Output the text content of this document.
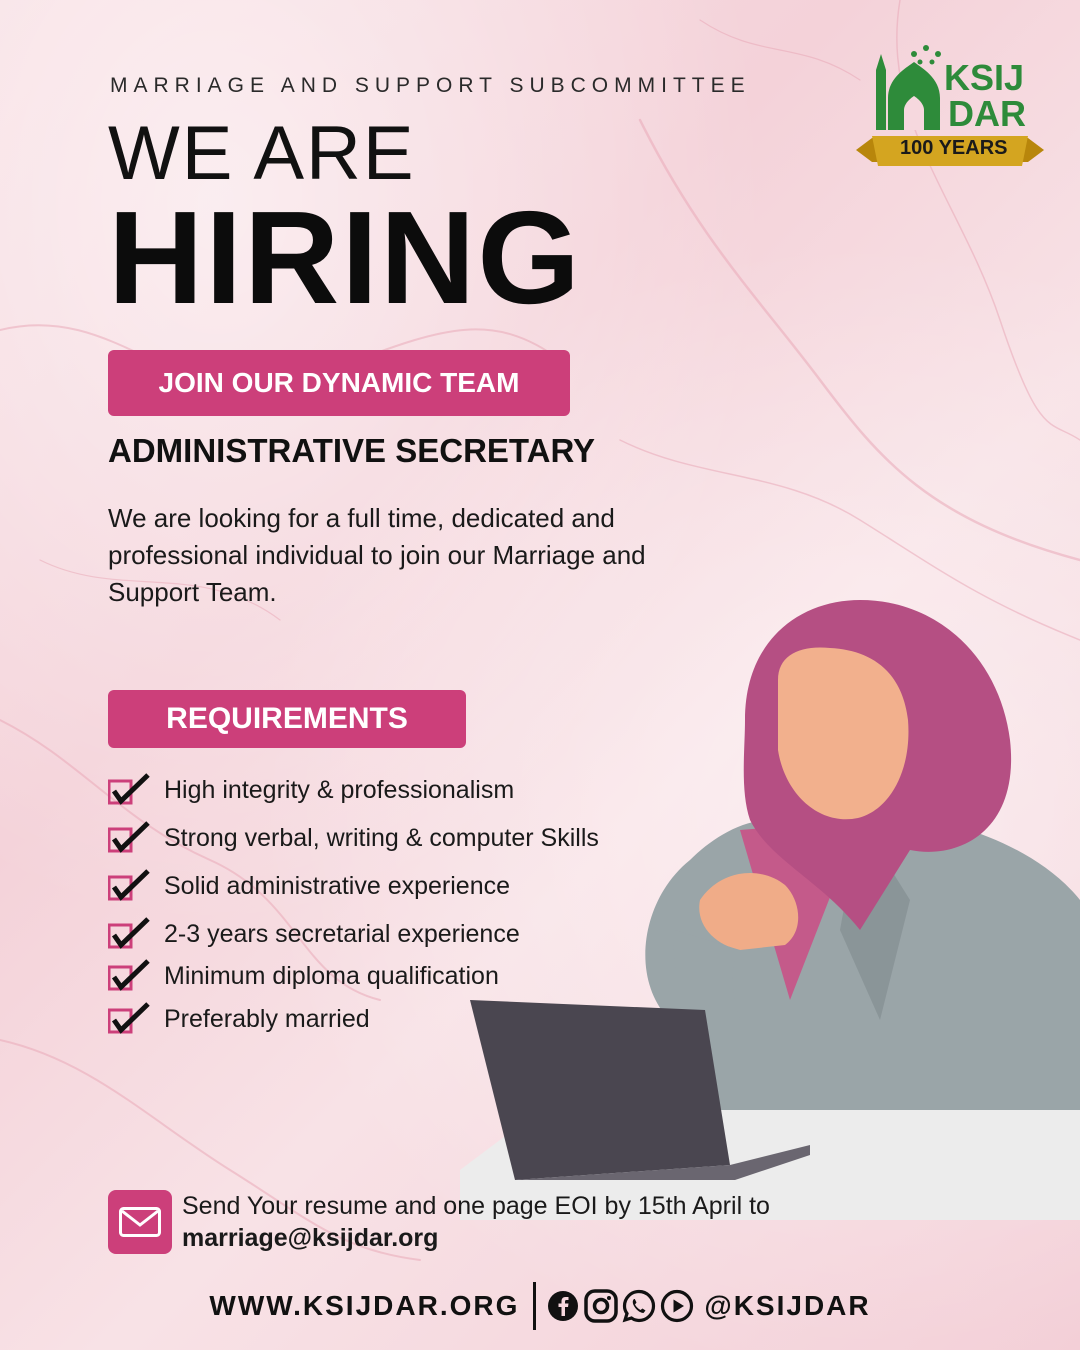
MARRIAGE AND SUPPORT SUBCOMMITTEE
WE ARE
HIRING
KSIJ
DAR
100 YEARS
JOIN OUR DYNAMIC TEAM
ADMINISTRATIVE SECRETARY
We are looking for a full time, dedicated and professional individual to join our Marriage and Support Team.
REQUIREMENTS
High integrity & professionalism
Strong verbal, writing & computer Skills
Solid administrative experience
2-3 years secretarial experience
Minimum diploma qualification
Preferably married
Send Your resume and one page EOI by 15th April to
marriage@ksijdar.org
WWW.KSIJDAR.ORG	@KSIJDAR
